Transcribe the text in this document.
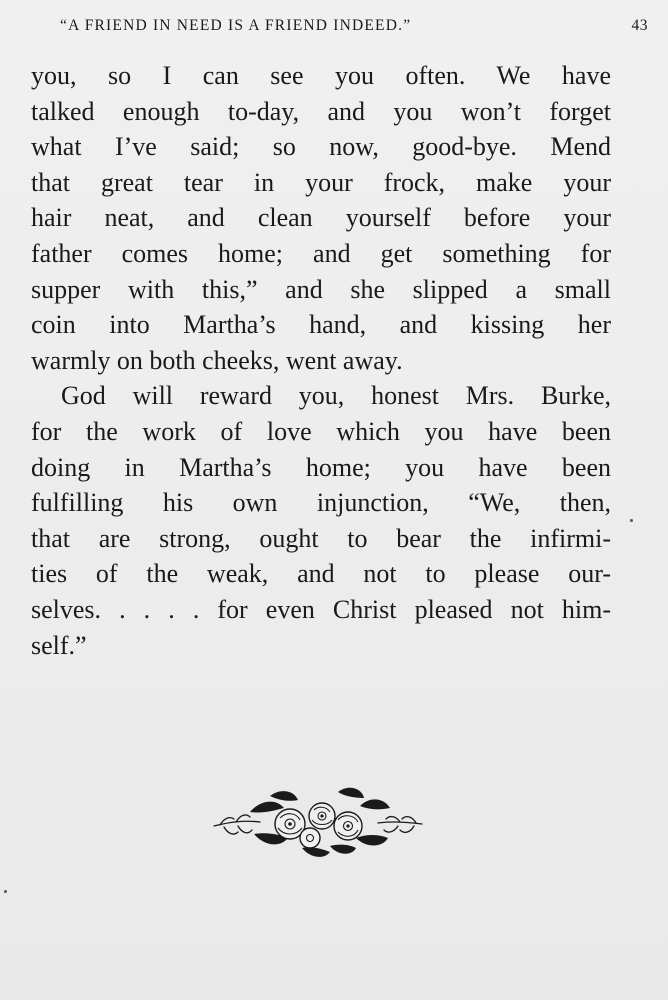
“A FRIEND IN NEED IS A FRIEND INDEED.”	43

you, so I can see you often. We have
talked enough to-day, and you won’t forget
what I’ve said; so now, good-bye. Mend
that great tear in your frock, make your
hair neat, and clean yourself before your
father comes home; and get something for
supper with this,” and she slipped a small
coin into Martha’s hand, and kissing her
warmly on both cheeks, went away.

God will reward you, honest Mrs. Burke,
for the work of love which you have been
doing in Martha’s home; you have been
fulfilling his own injunction, “We, then,
that are strong, ought to bear the infirmi-
ties of the weak, and not to please our-
selves. . . . . for even Christ pleased not him-
self.”
